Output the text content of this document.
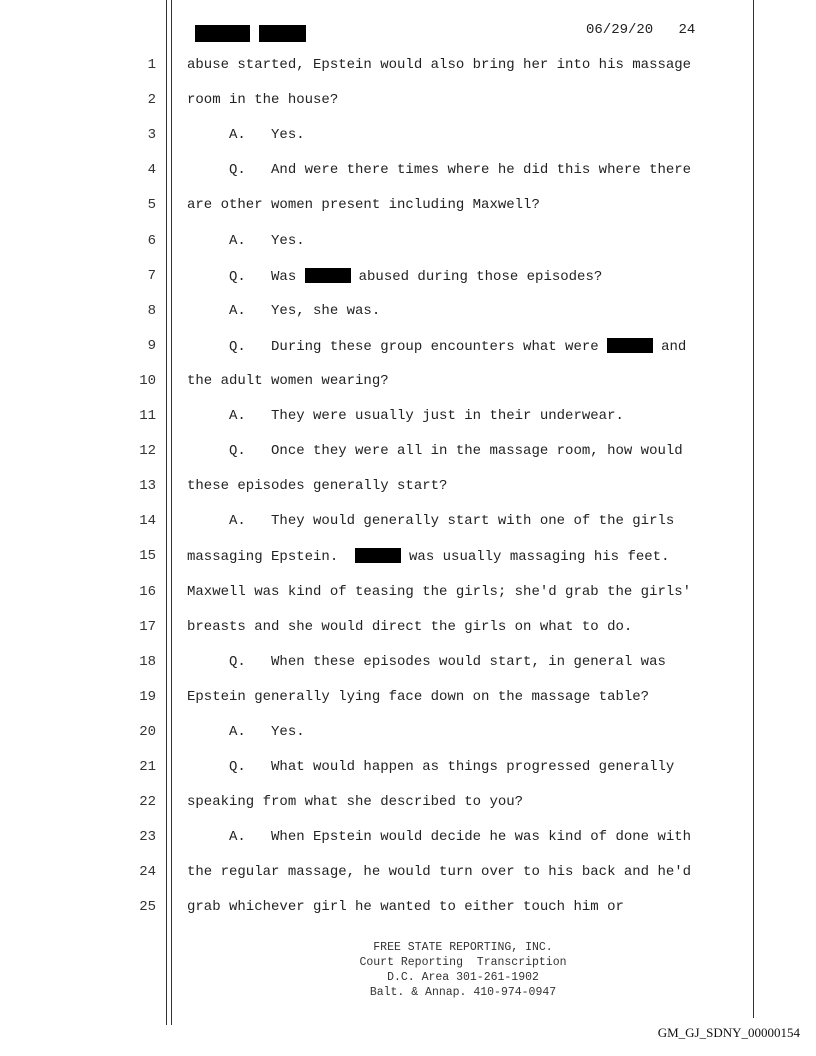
06/29/20 24
1 abuse started, Epstein would also bring her into his massage
2 room in the house?
3 A.   Yes.
4 Q.   And were there times where he did this where there
5 are other women present including Maxwell?
6 A.   Yes.
7 Q.   Was	abused during those episodes?
8 A.   Yes, she was.
9 Q.   During these group encounters what were	and
10 the adult women wearing?
11 A.   They were usually just in their underwear.
12 Q.   Once they were all in the massage room, how would
13 these episodes generally start?
14 A.   They would generally start with one of the girls
15 massaging Epstein.	was usually massaging his feet.
16 Maxwell was kind of teasing the girls; she'd grab the girls'
17 breasts and she would direct the girls on what to do.
18 Q.   When these episodes would start, in general was
19 Epstein generally lying face down on the massage table?
20 A.   Yes.
21 Q.   What would happen as things progressed generally
22 speaking from what she described to you?
23 A.   When Epstein would decide he was kind of done with
24 the regular massage, he would turn over to his back and he'd
25 grab whichever girl he wanted to either touch him or
FREE STATE REPORTING, INC.
Court Reporting  Transcription
D.C. Area 301-261-1902
Balt. & Annap. 410-974-0947
GM_GJ_SDNY_00000154
